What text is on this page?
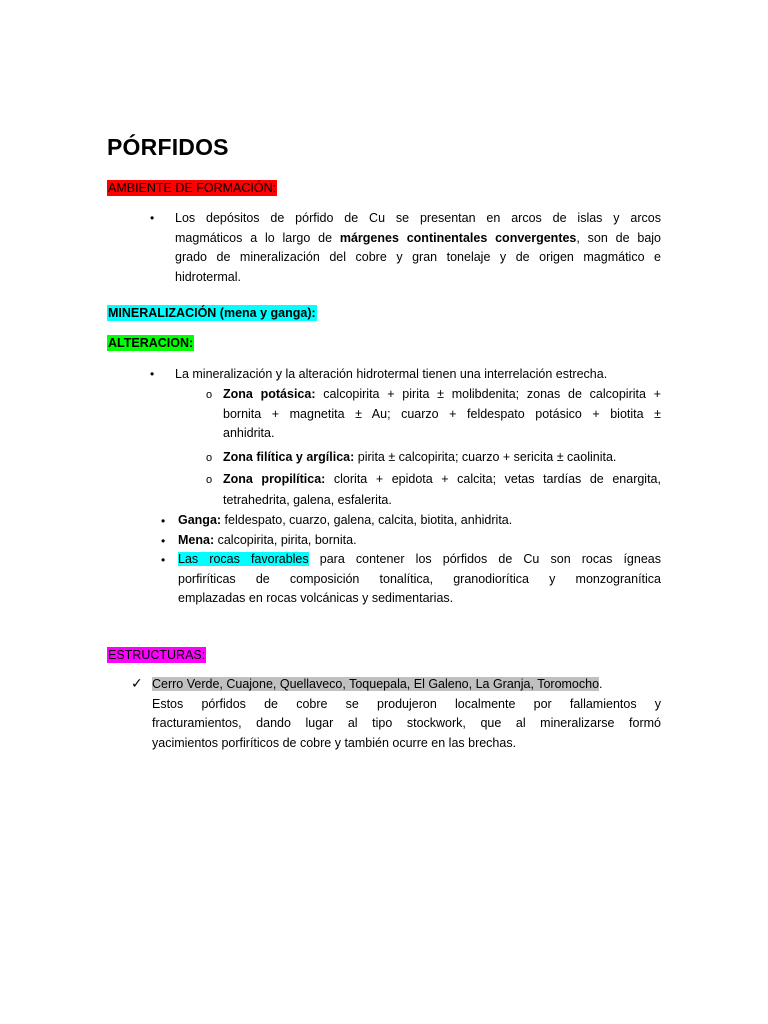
PÓRFIDOS
AMBIENTE DE FORMACIÓN:
• Los depósitos de pórfido de Cu se presentan en arcos de islas y arcos
magmáticos a lo largo de márgenes continentales convergentes, son de bajo
grado de mineralización del cobre y gran tonelaje y de origen magmático e
hidrotermal.
MINERALIZACIÓN (mena y ganga):
ALTERACION:
• La mineralización y la alteración hidrotermal tienen una interrelación estrecha.
o Zona potásica: calcopirita + pirita ± molibdenita; zonas de calcopirita +
bornita + magnetita ± Au; cuarzo + feldespato potásico + biotita ±
anhidrita.
o Zona filítica y argílica: pirita ± calcopirita; cuarzo + sericita ± caolinita.
o Zona propilítica: clorita + epidota + calcita; vetas tardías de enargita,
tetrahedrita, galena, esfalerita.
• Ganga: feldespato, cuarzo, galena, calcita, biotita, anhidrita.
• Mena: calcopirita, pirita, bornita.
• Las rocas favorables para contener los pórfidos de Cu son rocas ígneas
porfiríticas de composición tonalítica, granodiorítica y monzogranítica
emplazadas en rocas volcánicas y sedimentarias.
ESTRUCTURAS:
✓ Cerro Verde, Cuajone, Quellaveco, Toquepala, El Galeno, La Granja, Toromocho.
Estos pórfidos de cobre se produjeron localmente por fallamientos y
fracturamientos, dando lugar al tipo stockwork, que al mineralizarse formó
yacimientos porfiríticos de cobre y también ocurre en las brechas.
